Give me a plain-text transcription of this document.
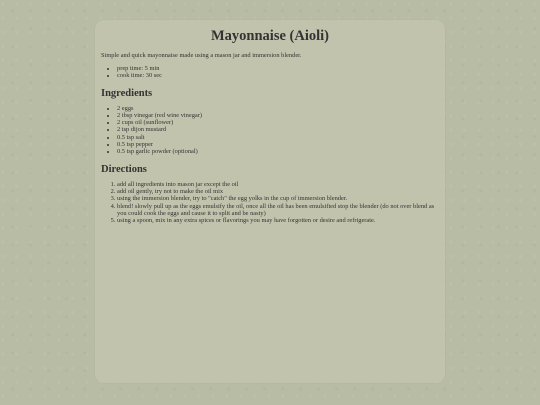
Mayonnaise (Aioli)

Simple and quick mayonnaise made using a mason jar and immersion blender.

• prep time: 5 min
• cook time: 30 sec
Ingredients
• 2 eggs
• 2 tbsp vinegar (red wine vinegar)
• 2 cups oil (sunflower)
• 2 tsp dijon mustard
• 0.5 tsp salt
• 0.5 tsp pepper
• 0.5 tsp garlic powder (optional)
Directions
1. add all ingredients into mason jar except the oil
2. add oil gently, try not to make the oil mix
3. using the immersion blender, try to "catch" the egg yolks in the cup of immersion blender.
4. blend! slowly pull up as the eggs emulsify the oil, once all the oil has been emulsified stop the blender (do not over blend as you could cook the eggs and cause it to split and be nasty)
5. using a spoon, mix in any extra spices or flavorings you may have forgotten or desire and refrigerate.
